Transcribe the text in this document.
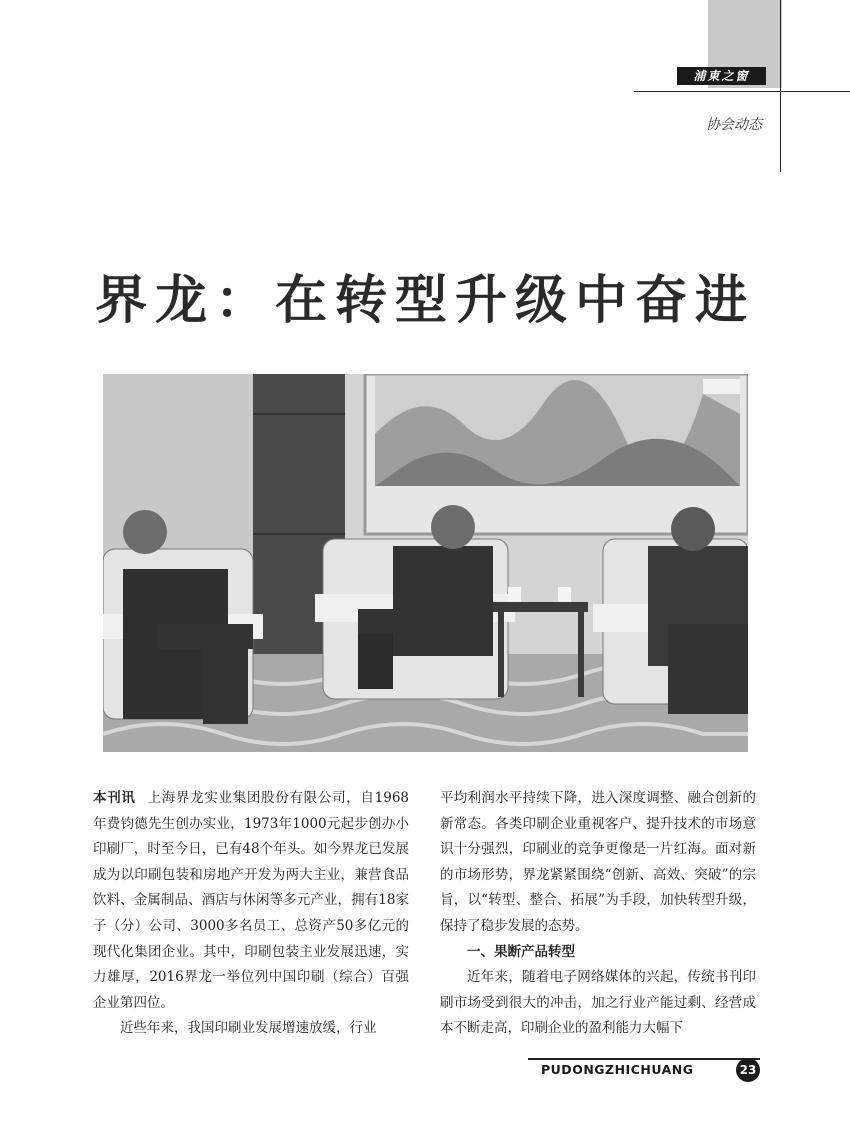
浦東之窗
协会动态
界龙：在转型升级中奋进

本刊讯 上海界龙实业集团股份有限公司，自1968年费钧德先生创办实业，1973年1000元起步创办小印刷厂，时至今日，已有48个年头。如今界龙已发展成为以印刷包装和房地产开发为两大主业，兼营食品饮料、金属制品、酒店与休闲等多元产业，拥有18家子（分）公司、3000多名员工、总资产50多亿元的现代化集团企业。其中，印刷包装主业发展迅速，实力雄厚，2016界龙一举位列中国印刷（综合）百强企业第四位。

近些年来，我国印刷业发展增速放缓，行业

平均利润水平持续下降，进入深度调整、融合创新的新常态。各类印刷企业重视客户、提升技术的市场意识十分强烈，印刷业的竞争更像是一片红海。面对新的市场形势，界龙紧紧围绕“创新、高效、突破”的宗旨，以“转型、整合、拓展”为手段，加快转型升级，保持了稳步发展的态势。

一、果断产品转型

近年来，随着电子网络媒体的兴起，传统书刊印刷市场受到很大的冲击，加之行业产能过剩、经营成本不断走高，印刷企业的盈利能力大幅下

PUDONGZHICHUANG	23
